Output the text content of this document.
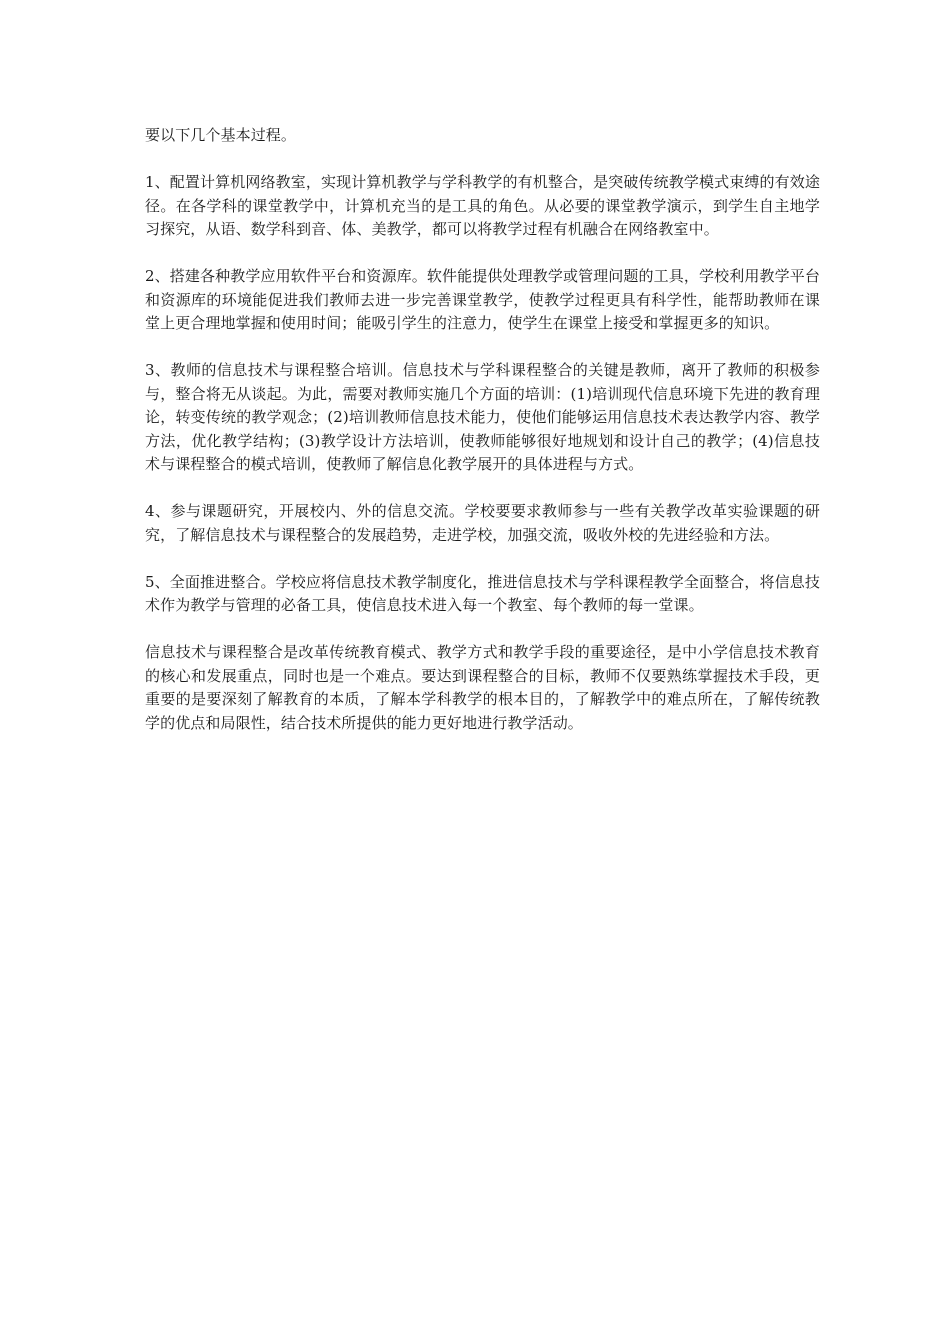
要以下几个基本过程。

1、配置计算机网络教室，实现计算机教学与学科教学的有机整合，是突破传统教学模式束缚的有效途径。在各学科的课堂教学中，计算机充当的是工具的角色。从必要的课堂教学演示，到学生自主地学习探究，从语、数学科到音、体、美教学，都可以将教学过程有机融合在网络教室中。

2、搭建各种教学应用软件平台和资源库。软件能提供处理教学或管理问题的工具，学校利用教学平台和资源库的环境能促进我们教师去进一步完善课堂教学，使教学过程更具有科学性，能帮助教师在课堂上更合理地掌握和使用时间；能吸引学生的注意力，使学生在课堂上接受和掌握更多的知识。

3、教师的信息技术与课程整合培训。信息技术与学科课程整合的关键是教师，离开了教师的积极参与，整合将无从谈起。为此，需要对教师实施几个方面的培训：(1)培训现代信息环境下先进的教育理论，转变传统的教学观念；(2)培训教师信息技术能力，使他们能够运用信息技术表达教学内容、教学方法，优化教学结构；(3)教学设计方法培训，使教师能够很好地规划和设计自己的教学；(4)信息技术与课程整合的模式培训，使教师了解信息化教学展开的具体进程与方式。

4、参与课题研究，开展校内、外的信息交流。学校要要求教师参与一些有关教学改革实验课题的研究，了解信息技术与课程整合的发展趋势，走进学校，加强交流，吸收外校的先进经验和方法。

5、全面推进整合。学校应将信息技术教学制度化，推进信息技术与学科课程教学全面整合，将信息技术作为教学与管理的必备工具，使信息技术进入每一个教室、每个教师的每一堂课。

信息技术与课程整合是改革传统教育模式、教学方式和教学手段的重要途径，是中小学信息技术教育的核心和发展重点，同时也是一个难点。要达到课程整合的目标，教师不仅要熟练掌握技术手段，更重要的是要深刻了解教育的本质，了解本学科教学的根本目的，了解教学中的难点所在，了解传统教学的优点和局限性，结合技术所提供的能力更好地进行教学活动。
